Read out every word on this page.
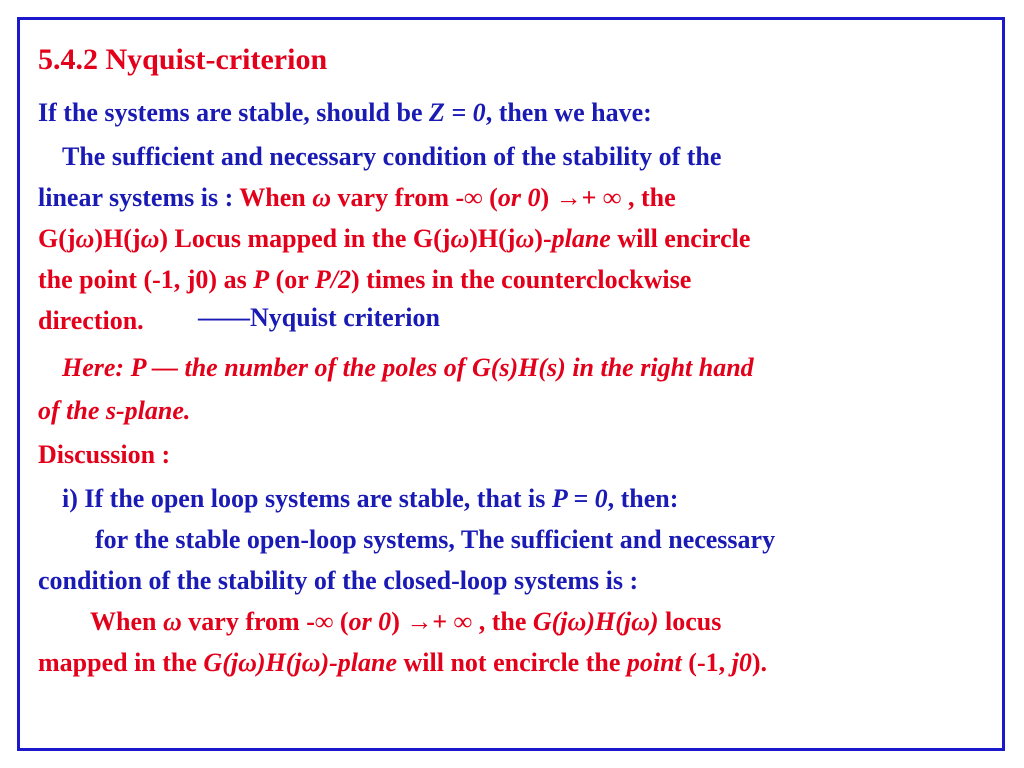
5.4.2 Nyquist-criterion
If the systems are stable, should be Z = 0, then we have:
The sufficient and necessary condition of the stability of the
linear systems is : When ω vary from -∞ (or 0) →+ ∞ , the
G(jω)H(jω) Locus mapped in the G(jω)H(jω)-plane will encircle
the point (-1, j0) as P (or P/2) times in the counterclockwise
direction. ——Nyquist criterion
Here: P — the number of the poles of G(s)H(s) in the right hand
of the s-plane.
Discussion :
i) If the open loop systems are stable, that is P = 0, then:
for the stable open-loop systems, The sufficient and necessary
condition of the stability of the closed-loop systems is :
When ω vary from -∞ (or 0) →+ ∞ , the G(jω)H(jω) locus
mapped in the G(jω)H(jω)-plane will not encircle the point (-1, j0).
